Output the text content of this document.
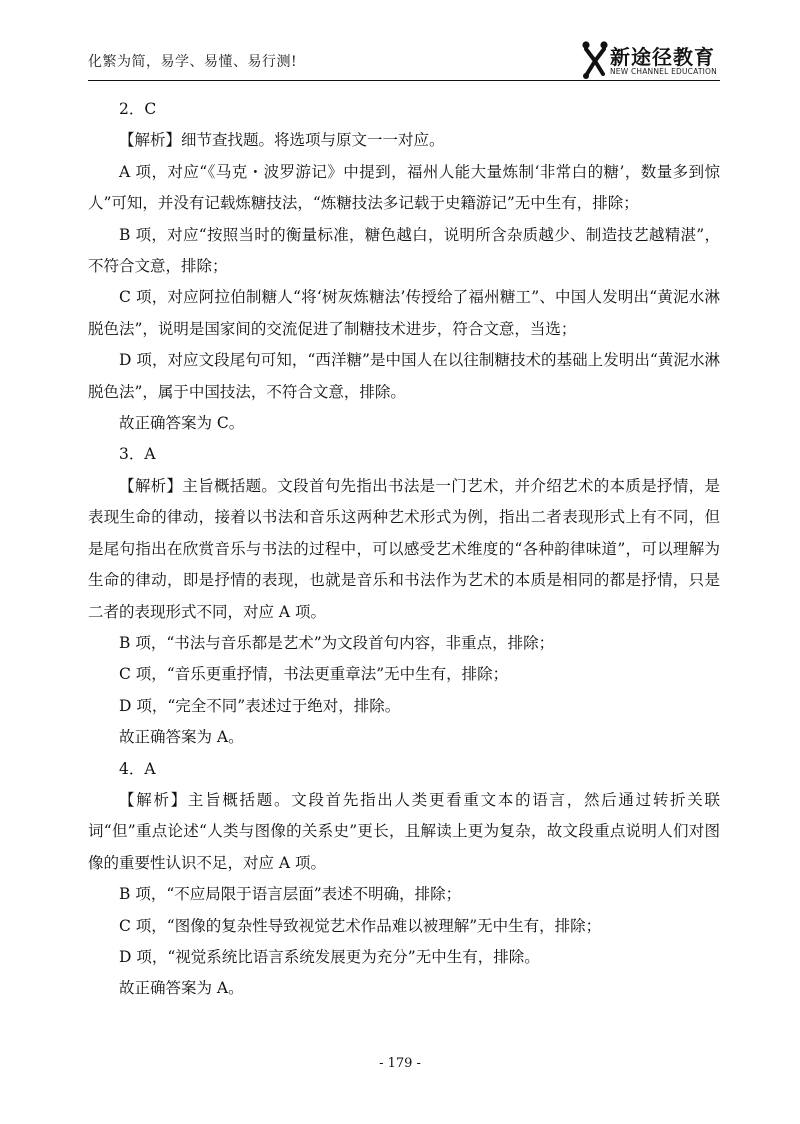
化繁为简，易学、易懂、易行测!	新途径教育
NEW CHANNEL EDUCATION

2．C

【解析】细节查找题。将选项与原文一一对应。

A 项，对应“《马克・波罗游记》中提到，福州人能大量炼制‘非常白的糖’，数量多到惊人”可知，并没有记载炼糖技法，“炼糖技法多记载于史籍游记”无中生有，排除；

B 项，对应“按照当时的衡量标准，糖色越白，说明所含杂质越少、制造技艺越精湛”，不符合文意，排除；

C 项，对应阿拉伯制糖人“将‘树灰炼糖法’传授给了福州糖工”、中国人发明出“黄泥水淋脱色法”，说明是国家间的交流促进了制糖技术进步，符合文意，当选；

D 项，对应文段尾句可知，“西洋糖”是中国人在以往制糖技术的基础上发明出“黄泥水淋脱色法”，属于中国技法，不符合文意，排除。

故正确答案为 C。

3．A

【解析】主旨概括题。文段首句先指出书法是一门艺术，并介绍艺术的本质是抒情，是表现生命的律动，接着以书法和音乐这两种艺术形式为例，指出二者表现形式上有不同，但是尾句指出在欣赏音乐与书法的过程中，可以感受艺术维度的“各种韵律味道”，可以理解为生命的律动，即是抒情的表现，也就是音乐和书法作为艺术的本质是相同的都是抒情，只是二者的表现形式不同，对应 A 项。

B 项，“书法与音乐都是艺术”为文段首句内容，非重点，排除；

C 项，“音乐更重抒情，书法更重章法”无中生有，排除；

D 项，“完全不同”表述过于绝对，排除。

故正确答案为 A。

4．A

【解析】主旨概括题。文段首先指出人类更看重文本的语言，然后通过转折关联词“但”重点论述“人类与图像的关系史”更长，且解读上更为复杂，故文段重点说明人们对图像的重要性认识不足，对应 A 项。

B 项，“不应局限于语言层面”表述不明确，排除；

C 项，“图像的复杂性导致视觉艺术作品难以被理解”无中生有，排除；

D 项，“视觉系统比语言系统发展更为充分”无中生有，排除。

故正确答案为 A。

- 179 -
